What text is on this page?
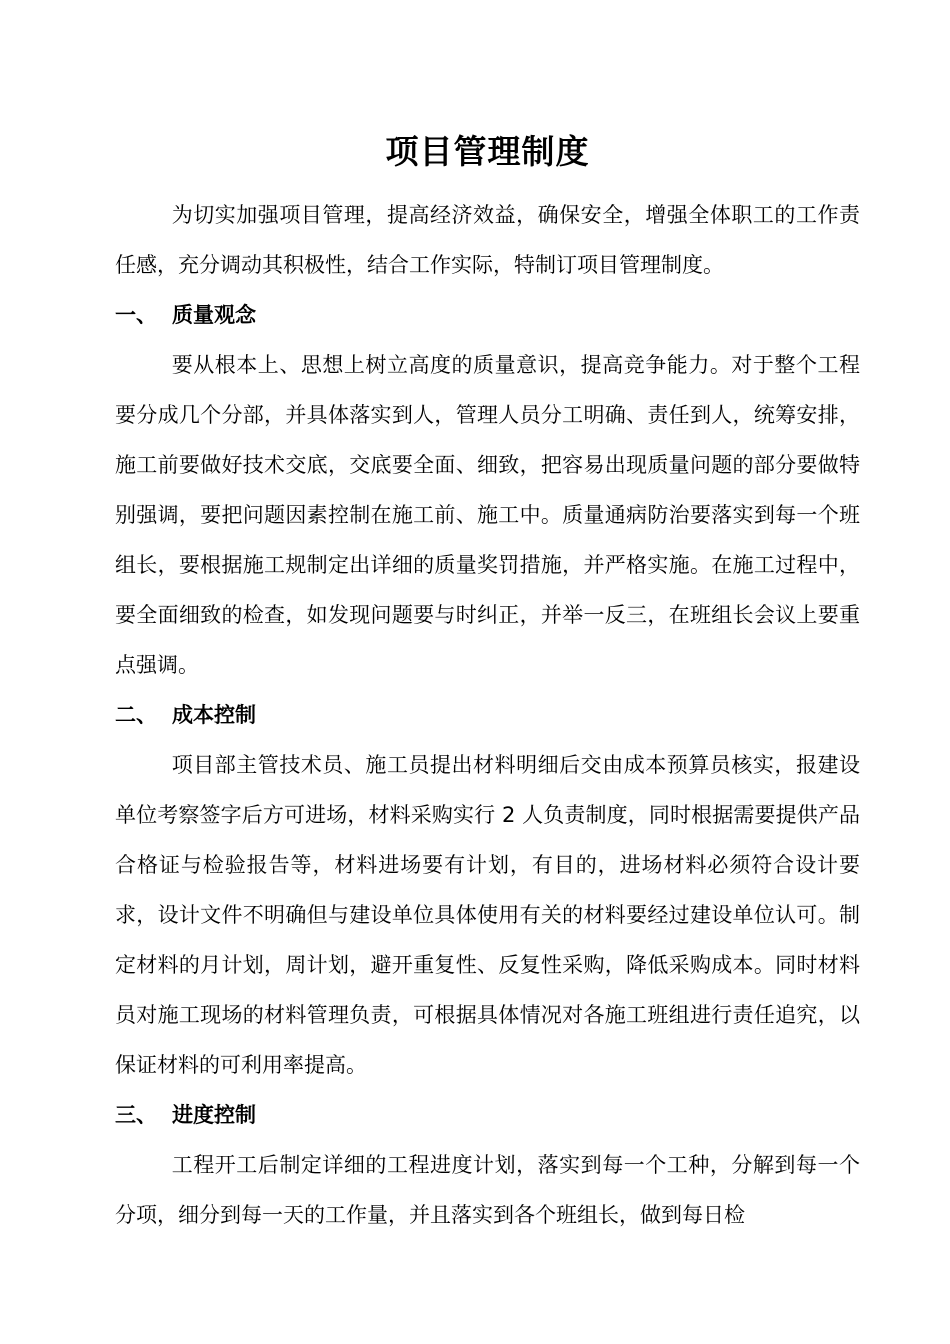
项目管理制度

为切实加强项目管理，提高经济效益，确保安全，增强全体职工的工作责任感，充分调动其积极性，结合工作实际，特制订项目管理制度。

一、 质量观念

要从根本上、思想上树立高度的质量意识，提高竞争能力。对于整个工程要分成几个分部，并具体落实到人，管理人员分工明确、责任到人，统筹安排，施工前要做好技术交底，交底要全面、细致，把容易出现质量问题的部分要做特别强调，要把问题因素控制在施工前、施工中。质量通病防治要落实到每一个班组长，要根据施工规制定出详细的质量奖罚措施，并严格实施。在施工过程中，要全面细致的检查，如发现问题要与时纠正，并举一反三，在班组长会议上要重点强调。

二、 成本控制

项目部主管技术员、施工员提出材料明细后交由成本预算员核实，报建设单位考察签字后方可进场，材料采购实行 2 人负责制度，同时根据需要提供产品合格证与检验报告等，材料进场要有计划，有目的，进场材料必须符合设计要求，设计文件不明确但与建设单位具体使用有关的材料要经过建设单位认可。制定材料的月计划，周计划，避开重复性、反复性采购，降低采购成本。同时材料员对施工现场的材料管理负责，可根据具体情况对各施工班组进行责任追究，以保证材料的可利用率提高。

三、 进度控制

工程开工后制定详细的工程进度计划，落实到每一个工种，分解到每一个分项，细分到每一天的工作量，并且落实到各个班组长，做到每日检
